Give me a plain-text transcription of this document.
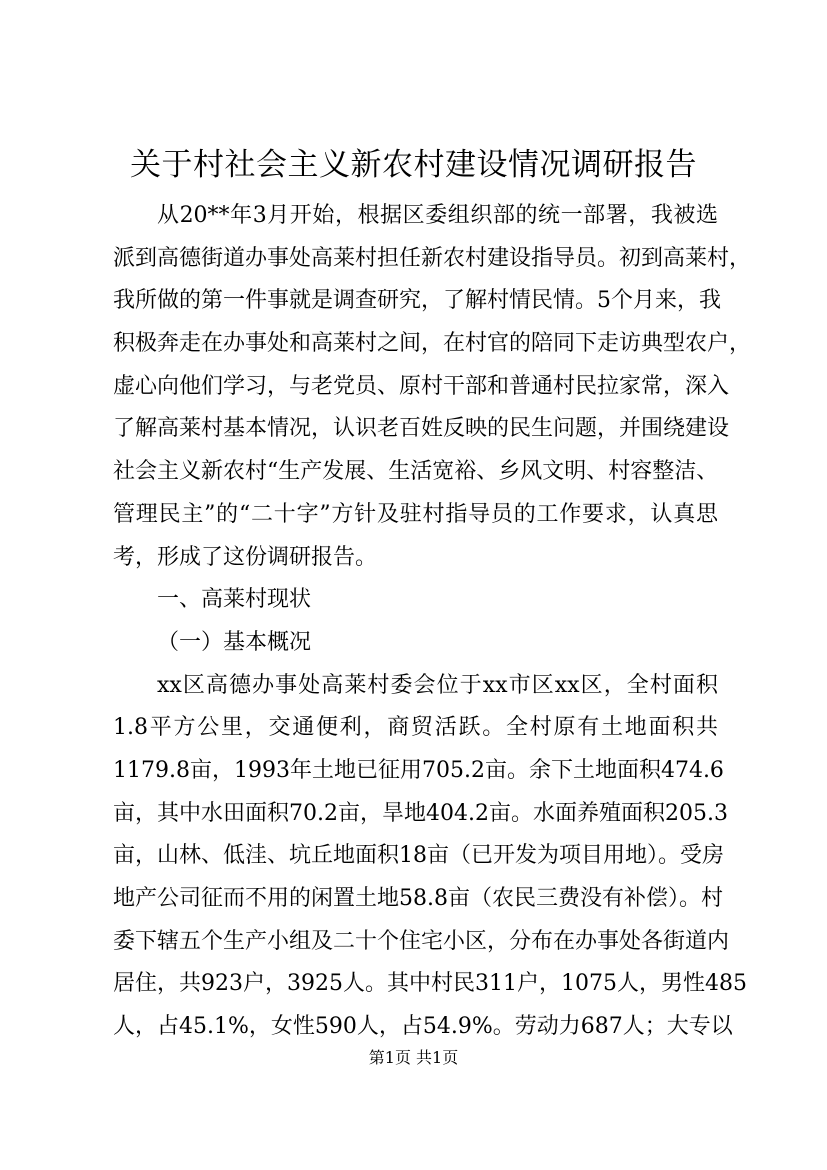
关于村社会主义新农村建设情况调研报告
从20**年3月开始，根据区委组织部的统一部署，我被选
派到高德街道办事处高莱村担任新农村建设指导员。初到高莱村，
我所做的第一件事就是调查研究，了解村情民情。5个月来，我
积极奔走在办事处和高莱村之间，在村官的陪同下走访典型农户，
虚心向他们学习，与老党员、原村干部和普通村民拉家常，深入
了解高莱村基本情况，认识老百姓反映的民生问题，并围绕建设
社会主义新农村“生产发展、生活宽裕、乡风文明、村容整洁、
管理民主”的“二十字”方针及驻村指导员的工作要求，认真思
考，形成了这份调研报告。
一、高莱村现状
（一）基本概况
xx区高德办事处高莱村委会位于xx市区xx区，全村面积
1.8平方公里，交通便利，商贸活跃。全村原有土地面积共
1179.8亩，1993年土地已征用705.2亩。余下土地面积474.6
亩，其中水田面积70.2亩，旱地404.2亩。水面养殖面积205.3
亩，山林、低洼、坑丘地面积18亩（已开发为项目用地）。受房
地产公司征而不用的闲置土地58.8亩（农民三费没有补偿）。村
委下辖五个生产小组及二十个住宅小区，分布在办事处各街道内
居住，共923户，3925人。其中村民311户，1075人，男性485
人，占45.1%，女性590人，占54.9%。劳动力687人；大专以
第1页 共1页
